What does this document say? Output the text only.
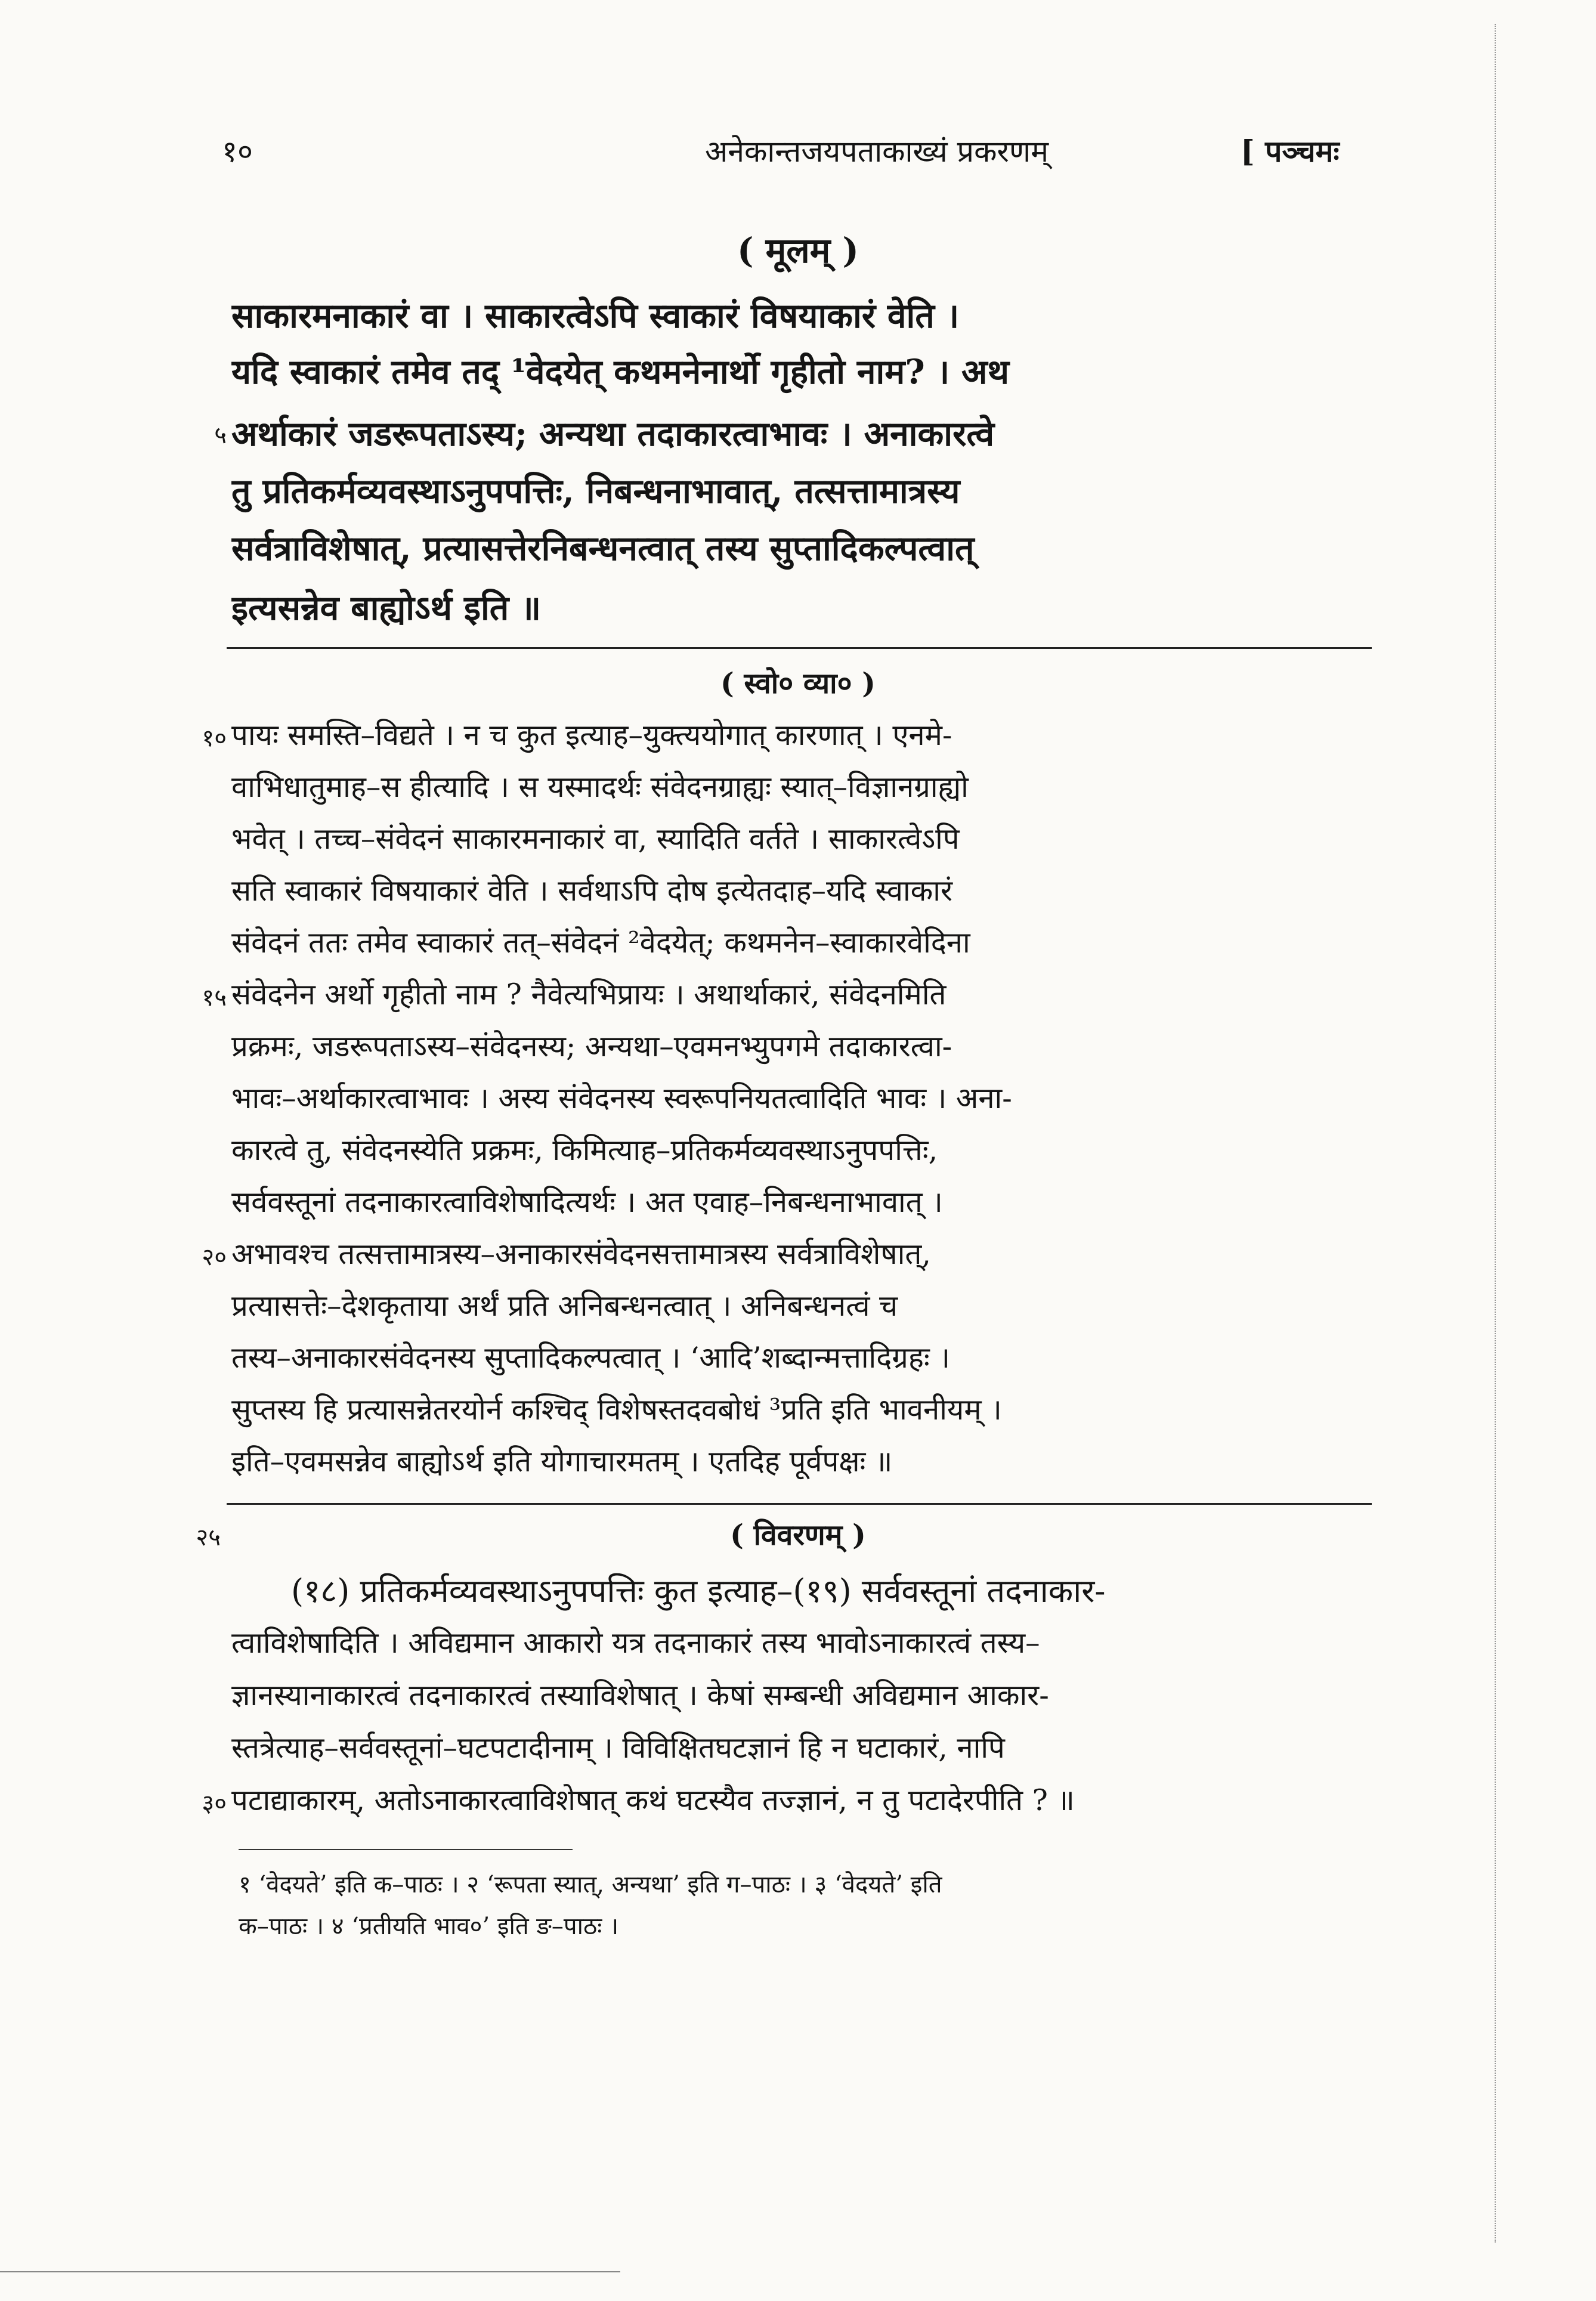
१०	अनेकान्तजयपताकाख्यं प्रकरणम्	[ पञ्चमः
( मूलम् )
साकारमनाकारं वा । साकारत्वेऽपि स्वाकारं विषयाकारं वेति ।
यदि स्वाकारं तमेव तद् ¹वेदयेत् कथमनेनार्थो गृहीतो नाम? । अथ
५ अर्थाकारं जडरूपताऽस्य; अन्यथा तदाकारत्वाभावः । अनाकारत्वे
तु प्रतिकर्मव्यवस्थाऽनुपपत्तिः, निबन्धनाभावात्, तत्सत्तामात्रस्य
सर्वत्राविशेषात्, प्रत्यासत्तेरनिबन्धनत्वात् तस्य सुप्तादिकल्पत्वात्
इत्यसन्नेव बाह्योऽर्थ इति ॥
( स्वो० व्या० )
१० पायः समस्ति–विद्यते । न च कुत इत्याह–युक्त्ययोगात् कारणात् । एनमे-
वाभिधातुमाह–स हीत्यादि । स यस्मादर्थः संवेदनग्राह्यः स्यात्–विज्ञानग्राह्यो
भवेत् । तच्च–संवेदनं साकारमनाकारं वा, स्यादिति वर्तते । साकारत्वेऽपि
सति स्वाकारं विषयाकारं वेति । सर्वथाऽपि दोष इत्येतदाह–यदि स्वाकारं
संवेदनं ततः तमेव स्वाकारं तत्–संवेदनं ²वेदयेत्; कथमनेन–स्वाकारवेदिना
१५ संवेदनेन अर्थो गृहीतो नाम ? नैवेत्यभिप्रायः । अथार्थाकारं, संवेदनमिति
प्रक्रमः, जडरूपताऽस्य–संवेदनस्य; अन्यथा–एवमनभ्युपगमे तदाकारत्वा-
भावः–अर्थाकारत्वाभावः । अस्य संवेदनस्य स्वरूपनियतत्वादिति भावः । अना-
कारत्वे तु, संवेदनस्येति प्रक्रमः, किमित्याह–प्रतिकर्मव्यवस्थाऽनुपपत्तिः,
सर्ववस्तूनां तदनाकारत्वाविशेषादित्यर्थः । अत एवाह–निबन्धनाभावात् ।
२० अभावश्च तत्सत्तामात्रस्य–अनाकारसंवेदनसत्तामात्रस्य सर्वत्राविशेषात्,
प्रत्यासत्तेः–देशकृताया अर्थं प्रति अनिबन्धनत्वात् । अनिबन्धनत्वं च
तस्य–अनाकारसंवेदनस्य सुप्तादिकल्पत्वात् । ‘आदि’शब्दान्मत्तादिग्रहः ।
सुप्तस्य हि प्रत्यासन्नेतरयोर्न कश्चिद् विशेषस्तदवबोधं ³प्रति इति भावनीयम् ।
इति–एवमसन्नेव बाह्योऽर्थ इति योगाचारमतम् । एतदिह पूर्वपक्षः ॥
२५	( विवरणम् )
(१८) प्रतिकर्मव्यवस्थाऽनुपपत्तिः कुत इत्याह–(१९) सर्ववस्तूनां तदनाकार-
त्वाविशेषादिति । अविद्यमान आकारो यत्र तदनाकारं तस्य भावोऽनाकारत्वं तस्य–
ज्ञानस्यानाकारत्वं तदनाकारत्वं तस्याविशेषात् । केषां सम्बन्धी अविद्यमान आकार-
स्तत्रेत्याह–सर्ववस्तूनां–घटपटादीनाम् । विविक्षितघटज्ञानं हि न घटाकारं, नापि
३० पटाद्याकारम्, अतोऽनाकारत्वाविशेषात् कथं घटस्यैव तज्ज्ञानं, न तु पटादेरपीति ? ॥
१ ‘वेदयते’ इति क–पाठः । २ ‘रूपता स्यात्, अन्यथा’ इति ग–पाठः । ३ ‘वेदयते’ इति
क–पाठः । ४ ‘प्रतीयति भाव०’ इति ङ–पाठः ।
